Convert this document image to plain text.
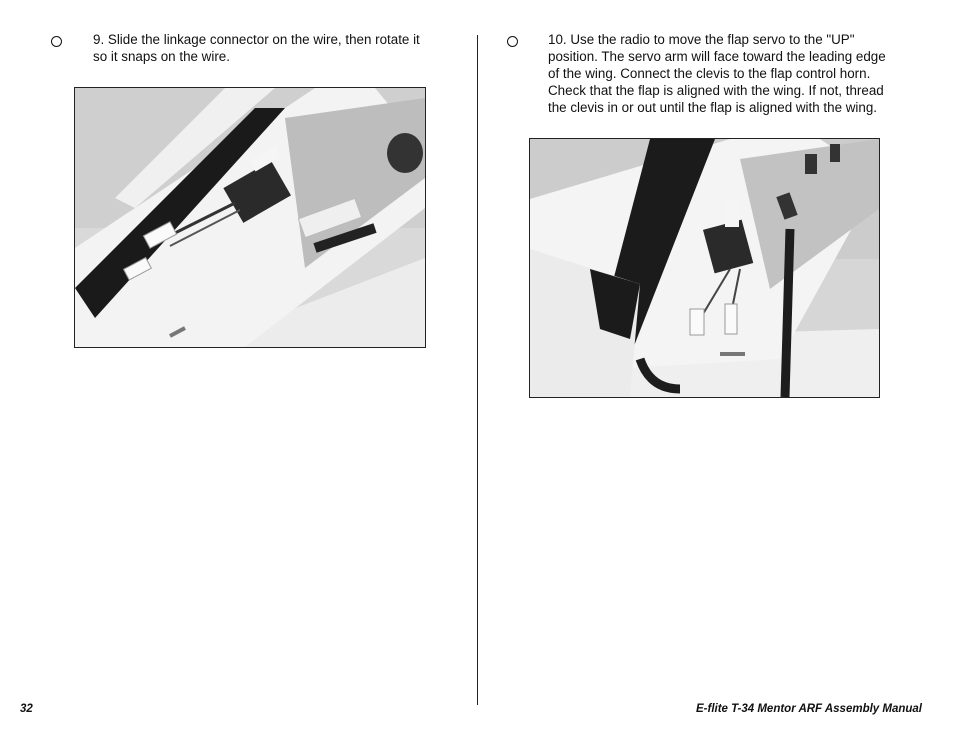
9. Slide the linkage connector on the wire, then rotate it
so it snaps on the wire.
10. Use the radio to move the flap servo to the "UP"
position. The servo arm will face toward the leading edge
of the wing. Connect the clevis to the flap control horn.
Check that the flap is aligned with the wing. If not, thread
the clevis in or out until the flap is aligned with the wing.
32	E-flite T-34 Mentor ARF Assembly Manual
